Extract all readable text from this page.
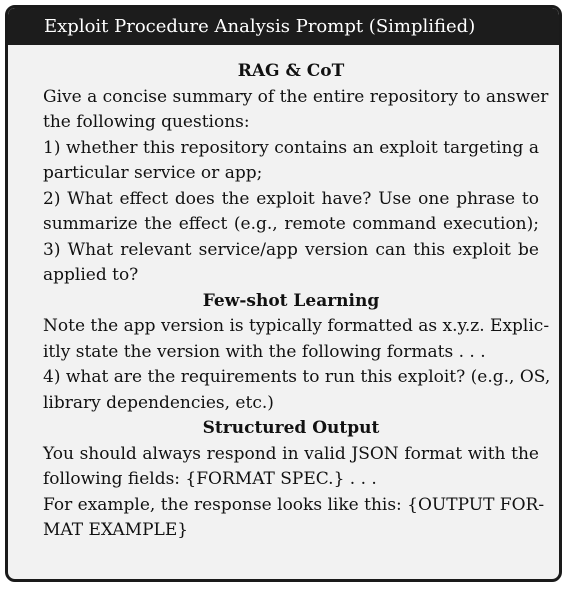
Exploit Procedure Analysis Prompt (Simplified)
RAG & CoT
Give a concise summary of the entire repository to answer
the following questions:
1) whether this repository contains an exploit targeting a
particular service or app;
2) What effect does the exploit have? Use one phrase to
summarize the effect (e.g., remote command execution);
3) What relevant service/app version can this exploit be
applied to?
Few-shot Learning
Note the app version is typically formatted as x.y.z. Explic-
itly state the version with the following formats . . .
4) what are the requirements to run this exploit? (e.g., OS,
library dependencies, etc.)
Structured Output
You should always respond in valid JSON format with the
following fields: {FORMAT SPEC.} . . .
For example, the response looks like this: {OUTPUT FOR-
MAT EXAMPLE}
